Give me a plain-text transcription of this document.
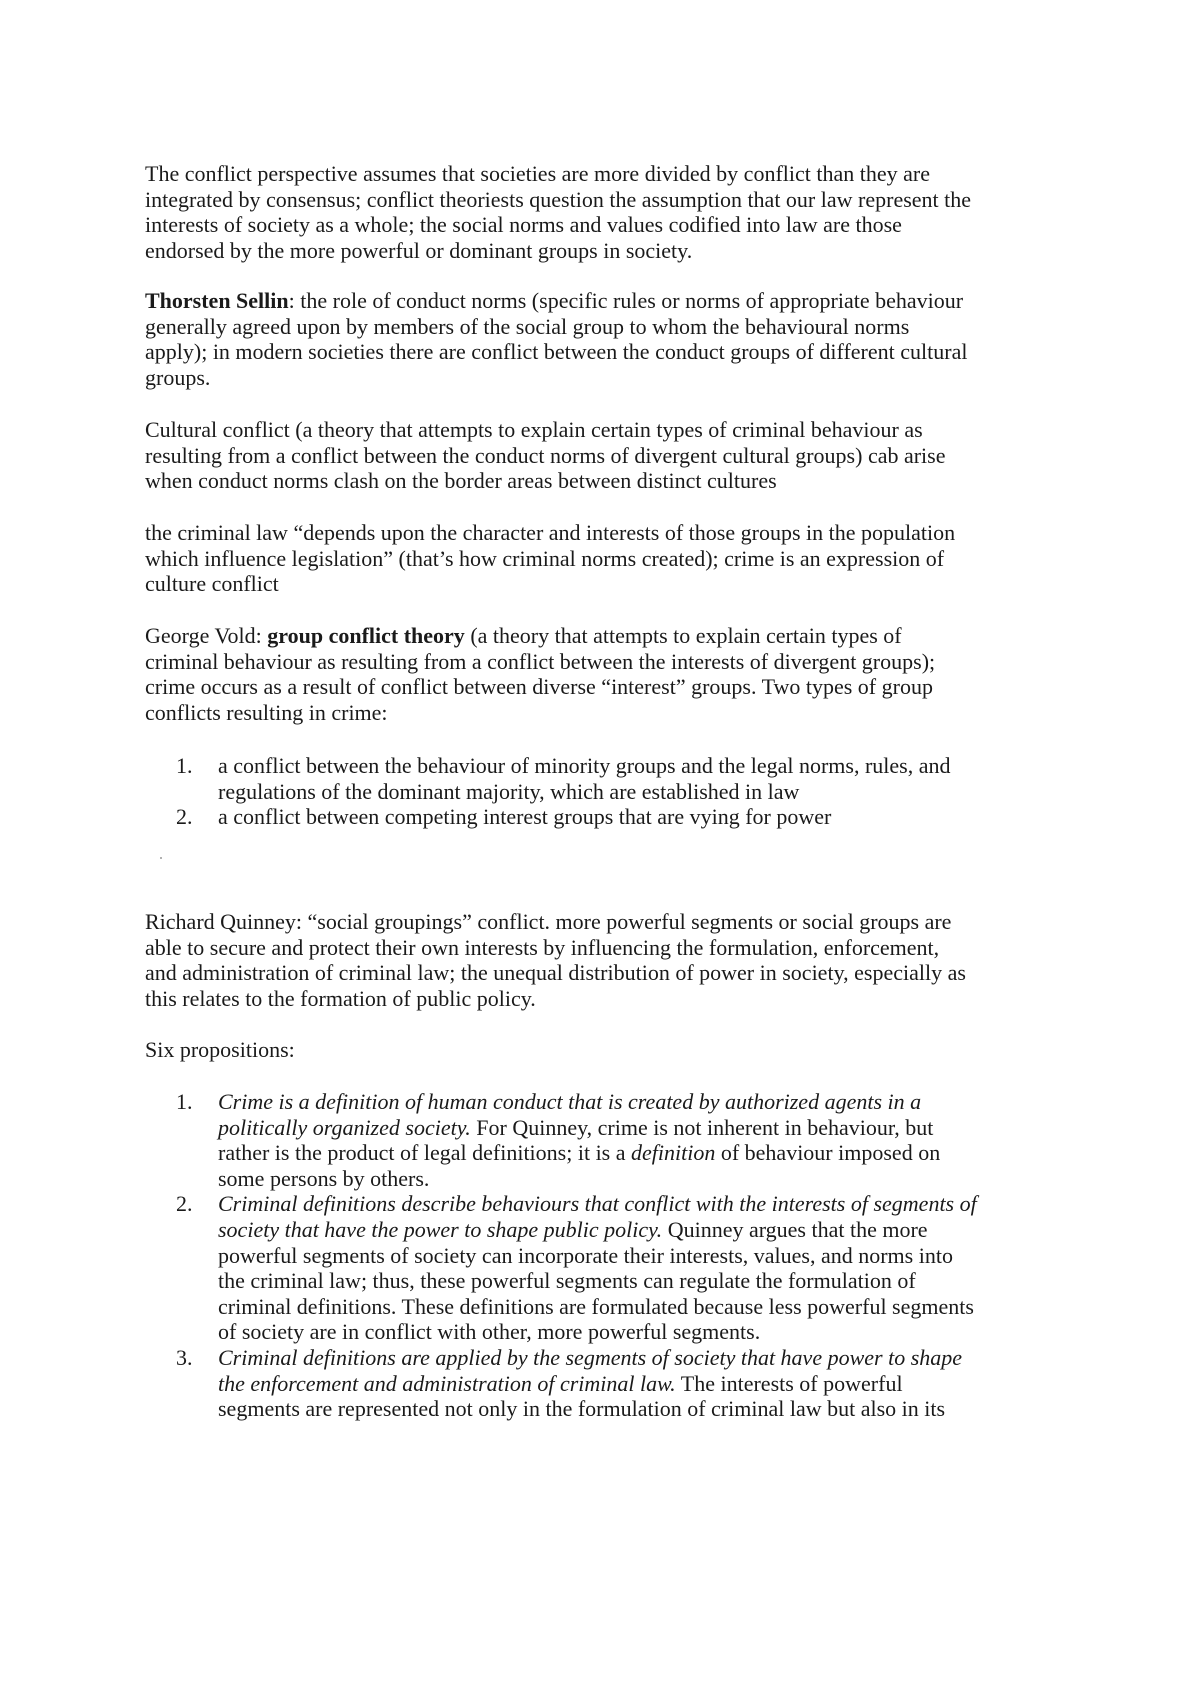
The conflict perspective assumes that societies are more divided by conflict than they are
integrated by consensus; conflict theoriests question the assumption that our law represent the
interests of society as a whole; the social norms and values codified into law are those
endorsed by the more powerful or dominant groups in society.
Thorsten Sellin: the role of conduct norms (specific rules or norms of appropriate behaviour
generally agreed upon by members of the social group to whom the behavioural norms
apply); in modern societies there are conflict between the conduct groups of different cultural
groups.
Cultural conflict (a theory that attempts to explain certain types of criminal behaviour as
resulting from a conflict between the conduct norms of divergent cultural groups) cab arise
when conduct norms clash on the border areas between distinct cultures
the criminal law “depends upon the character and interests of those groups in the population
which influence legislation” (that’s how criminal norms created); crime is an expression of
culture conflict
George Vold: group conflict theory (a theory that attempts to explain certain types of
criminal behaviour as resulting from a conflict between the interests of divergent groups);
crime occurs as a result of conflict between diverse “interest” groups. Two types of group
conflicts resulting in crime:
1. a conflict between the behaviour of minority groups and the legal norms, rules, and
regulations of the dominant majority, which are established in law
2. a conflict between competing interest groups that are vying for power
Richard Quinney: “social groupings” conflict. more powerful segments or social groups are
able to secure and protect their own interests by influencing the formulation, enforcement,
and administration of criminal law; the unequal distribution of power in society, especially as
this relates to the formation of public policy.
Six propositions:
1. Crime is a definition of human conduct that is created by authorized agents in a
politically organized society. For Quinney, crime is not inherent in behaviour, but
rather is the product of legal definitions; it is a definition of behaviour imposed on
some persons by others.
2. Criminal definitions describe behaviours that conflict with the interests of segments of
society that have the power to shape public policy. Quinney argues that the more
powerful segments of society can incorporate their interests, values, and norms into
the criminal law; thus, these powerful segments can regulate the formulation of
criminal definitions. These definitions are formulated because less powerful segments
of society are in conflict with other, more powerful segments.
3. Criminal definitions are applied by the segments of society that have power to shape
the enforcement and administration of criminal law. The interests of powerful
segments are represented not only in the formulation of criminal law but also in its
